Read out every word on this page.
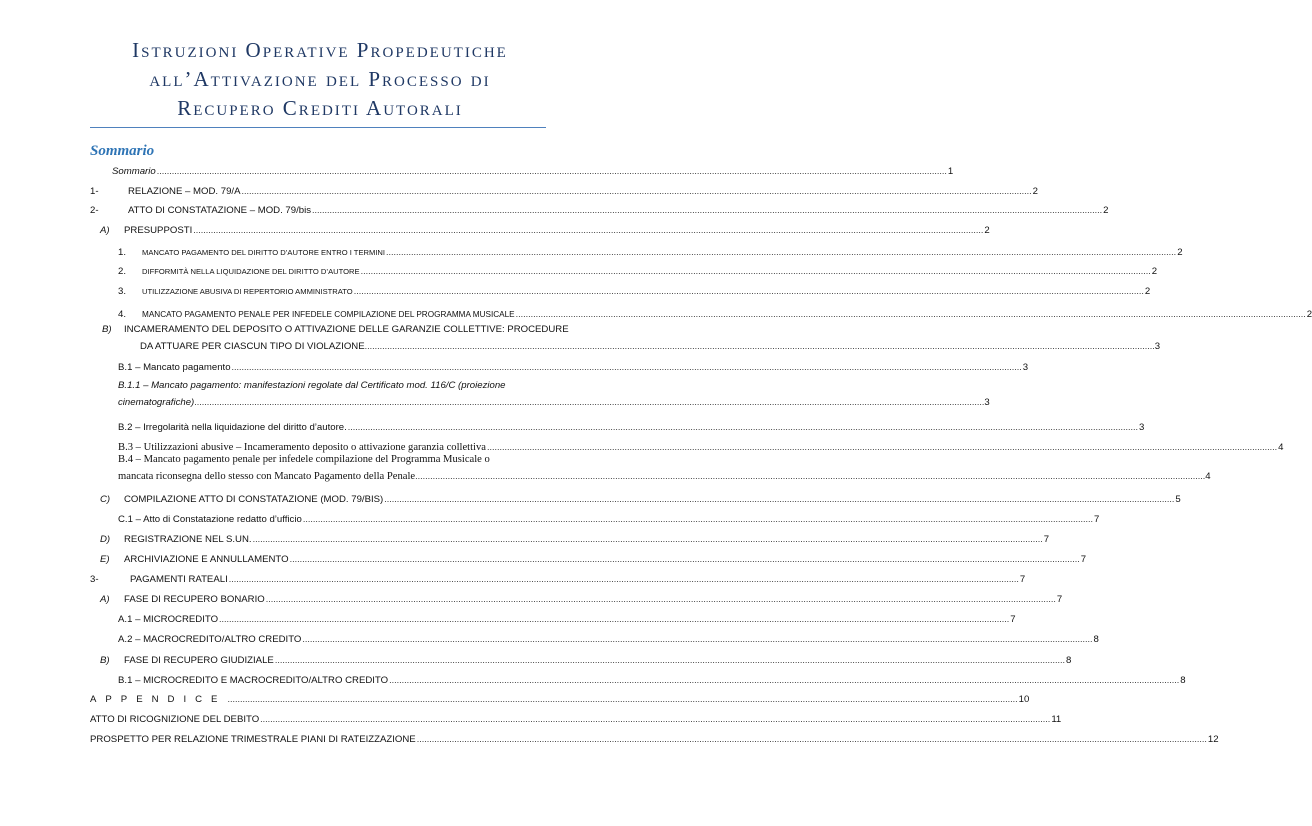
Istruzioni Operative Propedeutiche
all’Attivazione del Processo di
Recupero Crediti Autorali
Sommario
Sommario ............................................................................................................................................................................................................................................................................................................................ 1
1-	RELAZIONE – MOD. 79/A ............................................................................................................................................................................................................................................................................................................................ 2
2-	ATTO DI CONSTATAZIONE – MOD. 79/bis ............................................................................................................................................................................................................................................................................................................................ 2
A)	PRESUPPOSTI ............................................................................................................................................................................................................................................................................................................................ 2
1.	MANCATO PAGAMENTO DEL DIRITTO D’AUTORE ENTRO I TERMINI ............................................................................................................................................................................................................................................................................................................................ 2
2.	DIFFORMITÀ NELLA LIQUIDAZIONE DEL DIRITTO D’AUTORE ............................................................................................................................................................................................................................................................................................................................ 2
3.	UTILIZZAZIONE ABUSIVA DI REPERTORIO AMMINISTRATO ............................................................................................................................................................................................................................................................................................................................ 2
4.	MANCATO PAGAMENTO PENALE PER INFEDELE COMPILAZIONE DEL PROGRAMMA MUSICALE ............................................................................................................................................................................................................................................................................................................................ 2
B) INCAMERAMENTO DEL DEPOSITO O ATTIVAZIONE DELLE GARANZIE COLLETTIVE: PROCEDURE
DA ATTUARE PER CIASCUN TIPO DI VIOLAZIONE ............................................................................................................................................................................................................................................................................................................................ 3
B.1 – Mancato pagamento ............................................................................................................................................................................................................................................................................................................................ 3
B.1.1 – Mancato pagamento: manifestazioni regolate dal Certificato mod. 116/C (proiezione
cinematografiche) ............................................................................................................................................................................................................................................................................................................................ 3
B.2 – Irregolarità nella liquidazione del diritto d’autore. ............................................................................................................................................................................................................................................................................................................................ 3
B.3 – Utilizzazioni abusive – Incameramento deposito o attivazione garanzia collettiva ............................................................................................................................................................................................................................................................................................................................ 4
B.4 – Mancato pagamento penale per infedele compilazione del Programma Musicale o
mancata riconsegna dello stesso con Mancato Pagamento della Penale ............................................................................................................................................................................................................................................................................................................................ 4
C)	COMPILAZIONE ATTO DI CONSTATAZIONE (MOD. 79/BIS) ............................................................................................................................................................................................................................................................................................................................ 5
C.1 – Atto di Constatazione redatto d’ufficio ............................................................................................................................................................................................................................................................................................................................ 7
D)	REGISTRAZIONE NEL S.UN. ............................................................................................................................................................................................................................................................................................................................ 7
E)	ARCHIVIAZIONE E ANNULLAMENTO ............................................................................................................................................................................................................................................................................................................................ 7
3-	PAGAMENTI RATEALI ............................................................................................................................................................................................................................................................................................................................ 7
A)	FASE DI RECUPERO BONARIO ............................................................................................................................................................................................................................................................................................................................ 7
A.1 – MICROCREDITO ............................................................................................................................................................................................................................................................................................................................ 7
A.2 – MACROCREDITO/ALTRO CREDITO ............................................................................................................................................................................................................................................................................................................................ 8
B)	FASE DI RECUPERO GIUDIZIALE ............................................................................................................................................................................................................................................................................................................................ 8
B.1 – MICROCREDITO E MACROCREDITO/ALTRO CREDITO ............................................................................................................................................................................................................................................................................................................................ 8
APPENDICE ............................................................................................................................................................................................................................................................................................................................ 10
ATTO DI RICOGNIZIONE DEL DEBITO ............................................................................................................................................................................................................................................................................................................................ 11
PROSPETTO PER RELAZIONE TRIMESTRALE PIANI DI RATEIZZAZIONE ............................................................................................................................................................................................................................................................................................................................ 12
